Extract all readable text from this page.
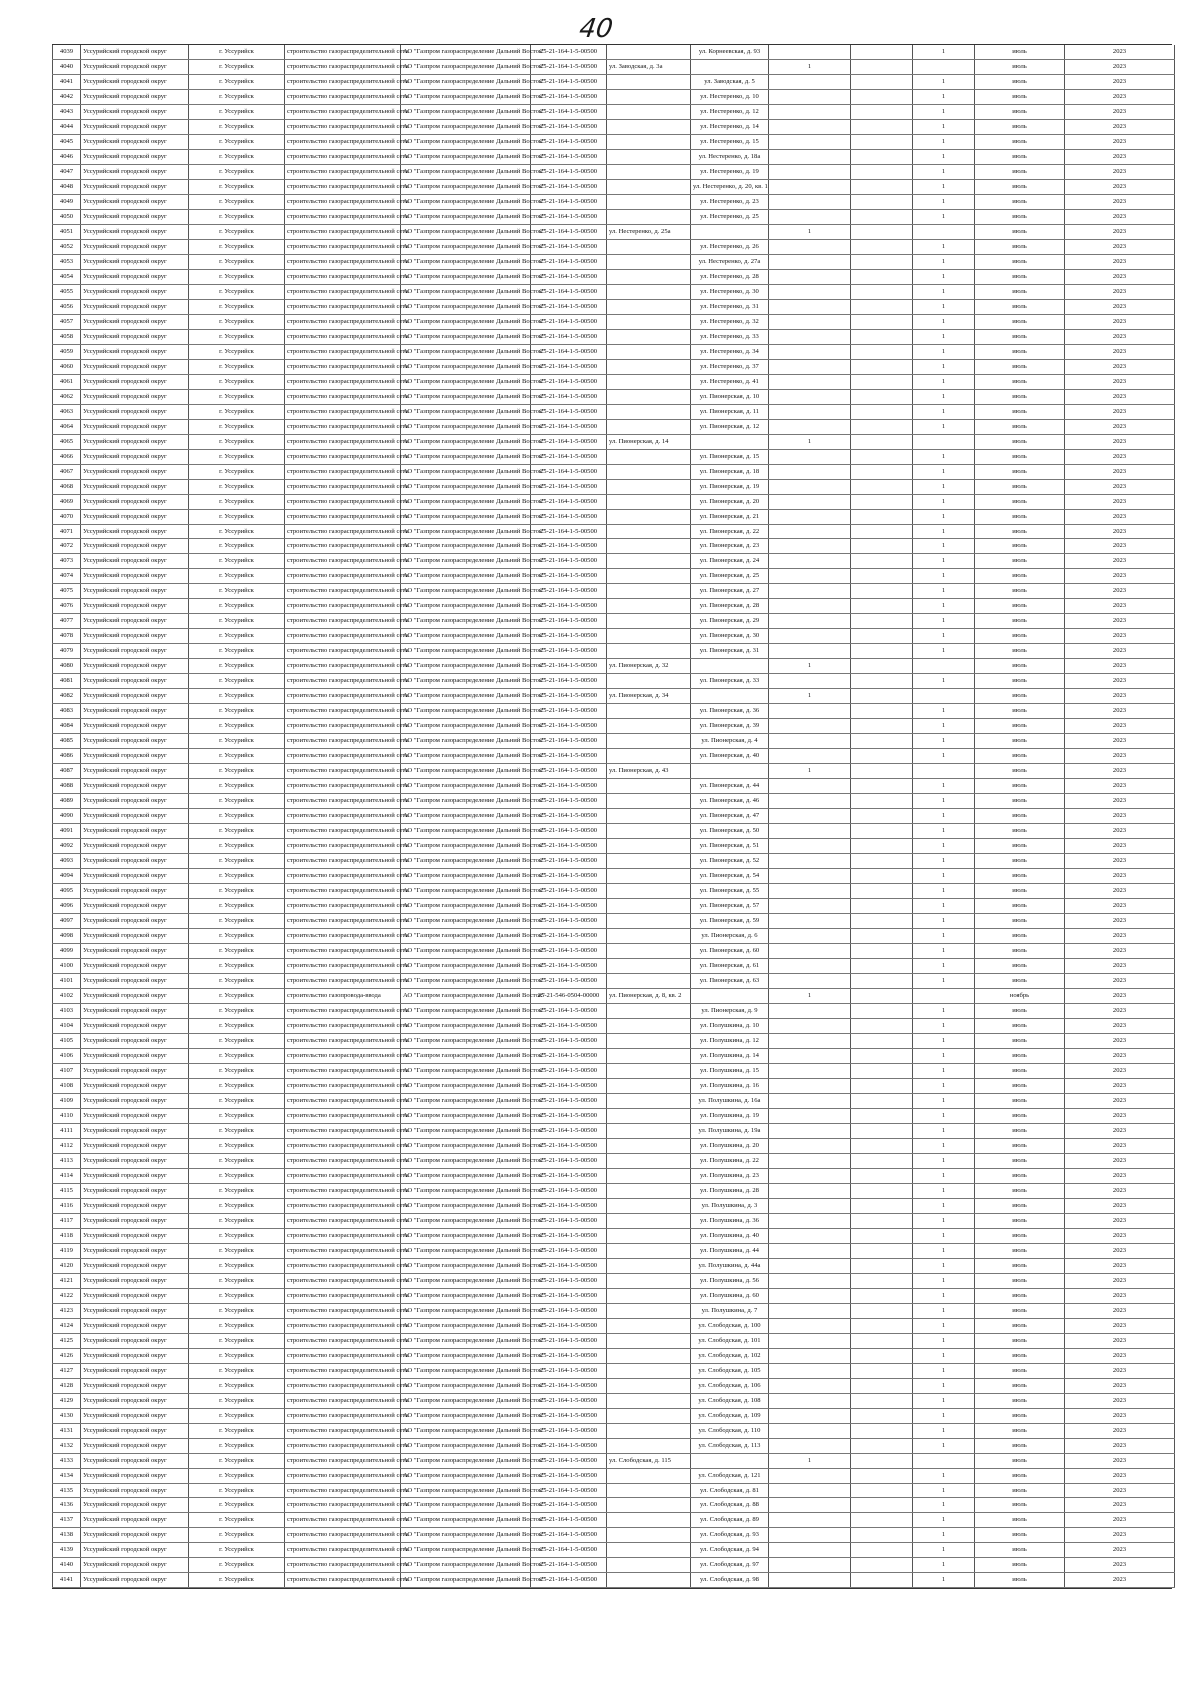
40
4039	Уссурийский городской округ	г. Уссурийск	строительство газораспределительной сети	АО "Газпром газораспределение Дальний Восток"	25-21-164-1-5-00500		ул. Корнеевская, д. 93			1	июль	2023
4040	Уссурийский городской округ	г. Уссурийск	строительство газораспределительной сети	АО "Газпром газораспределение Дальний Восток"	25-21-164-1-5-00500	ул. Заводская, д. 3а		1			июль	2023
4041	Уссурийский городской округ	г. Уссурийск	строительство газораспределительной сети	АО "Газпром газораспределение Дальний Восток"	25-21-164-1-5-00500		ул. Заводская, д. 5			1	июль	2023
4042	Уссурийский городской округ	г. Уссурийск	строительство газораспределительной сети	АО "Газпром газораспределение Дальний Восток"	25-21-164-1-5-00500		ул. Нестеренко, д. 10			1	июль	2023
4043	Уссурийский городской округ	г. Уссурийск	строительство газораспределительной сети	АО "Газпром газораспределение Дальний Восток"	25-21-164-1-5-00500		ул. Нестеренко, д. 12			1	июль	2023
4044	Уссурийский городской округ	г. Уссурийск	строительство газораспределительной сети	АО "Газпром газораспределение Дальний Восток"	25-21-164-1-5-00500		ул. Нестеренко, д. 14			1	июль	2023
4045	Уссурийский городской округ	г. Уссурийск	строительство газораспределительной сети	АО "Газпром газораспределение Дальний Восток"	25-21-164-1-5-00500		ул. Нестеренко, д. 15			1	июль	2023
4046	Уссурийский городской округ	г. Уссурийск	строительство газораспределительной сети	АО "Газпром газораспределение Дальний Восток"	25-21-164-1-5-00500		ул. Нестеренко, д. 18а			1	июль	2023
4047	Уссурийский городской округ	г. Уссурийск	строительство газораспределительной сети	АО "Газпром газораспределение Дальний Восток"	25-21-164-1-5-00500		ул. Нестеренко, д. 19			1	июль	2023
4048	Уссурийский городской округ	г. Уссурийск	строительство газораспределительной сети	АО "Газпром газораспределение Дальний Восток"	25-21-164-1-5-00500		ул. Нестеренко, д. 20, кв. 1			1	июль	2023
4049	Уссурийский городской округ	г. Уссурийск	строительство газораспределительной сети	АО "Газпром газораспределение Дальний Восток"	25-21-164-1-5-00500		ул. Нестеренко, д. 23			1	июль	2023
4050	Уссурийский городской округ	г. Уссурийск	строительство газораспределительной сети	АО "Газпром газораспределение Дальний Восток"	25-21-164-1-5-00500		ул. Нестеренко, д. 25			1	июль	2023
4051	Уссурийский городской округ	г. Уссурийск	строительство газораспределительной сети	АО "Газпром газораспределение Дальний Восток"	25-21-164-1-5-00500	ул. Нестеренко, д. 25а		1			июль	2023
4052	Уссурийский городской округ	г. Уссурийск	строительство газораспределительной сети	АО "Газпром газораспределение Дальний Восток"	25-21-164-1-5-00500		ул. Нестеренко, д. 26			1	июль	2023
4053	Уссурийский городской округ	г. Уссурийск	строительство газораспределительной сети	АО "Газпром газораспределение Дальний Восток"	25-21-164-1-5-00500		ул. Нестеренко, д. 27а			1	июль	2023
4054	Уссурийский городской округ	г. Уссурийск	строительство газораспределительной сети	АО "Газпром газораспределение Дальний Восток"	25-21-164-1-5-00500		ул. Нестеренко, д. 28			1	июль	2023
4055	Уссурийский городской округ	г. Уссурийск	строительство газораспределительной сети	АО "Газпром газораспределение Дальний Восток"	25-21-164-1-5-00500		ул. Нестеренко, д. 30			1	июль	2023
4056	Уссурийский городской округ	г. Уссурийск	строительство газораспределительной сети	АО "Газпром газораспределение Дальний Восток"	25-21-164-1-5-00500		ул. Нестеренко, д. 31			1	июль	2023
4057	Уссурийский городской округ	г. Уссурийск	строительство газораспределительной сети	АО "Газпром газораспределение Дальний Восток"	25-21-164-1-5-00500		ул. Нестеренко, д. 32			1	июль	2023
4058	Уссурийский городской округ	г. Уссурийск	строительство газораспределительной сети	АО "Газпром газораспределение Дальний Восток"	25-21-164-1-5-00500		ул. Нестеренко, д. 33			1	июль	2023
4059	Уссурийский городской округ	г. Уссурийск	строительство газораспределительной сети	АО "Газпром газораспределение Дальний Восток"	25-21-164-1-5-00500		ул. Нестеренко, д. 34			1	июль	2023
4060	Уссурийский городской округ	г. Уссурийск	строительство газораспределительной сети	АО "Газпром газораспределение Дальний Восток"	25-21-164-1-5-00500		ул. Нестеренко, д. 37			1	июль	2023
4061	Уссурийский городской округ	г. Уссурийск	строительство газораспределительной сети	АО "Газпром газораспределение Дальний Восток"	25-21-164-1-5-00500		ул. Нестеренко, д. 41			1	июль	2023
4062	Уссурийский городской округ	г. Уссурийск	строительство газораспределительной сети	АО "Газпром газораспределение Дальний Восток"	25-21-164-1-5-00500		ул. Пионерская, д. 10			1	июль	2023
4063	Уссурийский городской округ	г. Уссурийск	строительство газораспределительной сети	АО "Газпром газораспределение Дальний Восток"	25-21-164-1-5-00500		ул. Пионерская, д. 11			1	июль	2023
4064	Уссурийский городской округ	г. Уссурийск	строительство газораспределительной сети	АО "Газпром газораспределение Дальний Восток"	25-21-164-1-5-00500		ул. Пионерская, д. 12			1	июль	2023
4065	Уссурийский городской округ	г. Уссурийск	строительство газораспределительной сети	АО "Газпром газораспределение Дальний Восток"	25-21-164-1-5-00500	ул. Пионерская, д. 14		1			июль	2023
4066	Уссурийский городской округ	г. Уссурийск	строительство газораспределительной сети	АО "Газпром газораспределение Дальний Восток"	25-21-164-1-5-00500		ул. Пионерская, д. 15			1	июль	2023
4067	Уссурийский городской округ	г. Уссурийск	строительство газораспределительной сети	АО "Газпром газораспределение Дальний Восток"	25-21-164-1-5-00500		ул. Пионерская, д. 18			1	июль	2023
4068	Уссурийский городской округ	г. Уссурийск	строительство газораспределительной сети	АО "Газпром газораспределение Дальний Восток"	25-21-164-1-5-00500		ул. Пионерская, д. 19			1	июль	2023
4069	Уссурийский городской округ	г. Уссурийск	строительство газораспределительной сети	АО "Газпром газораспределение Дальний Восток"	25-21-164-1-5-00500		ул. Пионерская, д. 20			1	июль	2023
4070	Уссурийский городской округ	г. Уссурийск	строительство газораспределительной сети	АО "Газпром газораспределение Дальний Восток"	25-21-164-1-5-00500		ул. Пионерская, д. 21			1	июль	2023
4071	Уссурийский городской округ	г. Уссурийск	строительство газораспределительной сети	АО "Газпром газораспределение Дальний Восток"	25-21-164-1-5-00500		ул. Пионерская, д. 22			1	июль	2023
4072	Уссурийский городской округ	г. Уссурийск	строительство газораспределительной сети	АО "Газпром газораспределение Дальний Восток"	25-21-164-1-5-00500		ул. Пионерская, д. 23			1	июль	2023
4073	Уссурийский городской округ	г. Уссурийск	строительство газораспределительной сети	АО "Газпром газораспределение Дальний Восток"	25-21-164-1-5-00500		ул. Пионерская, д. 24			1	июль	2023
4074	Уссурийский городской округ	г. Уссурийск	строительство газораспределительной сети	АО "Газпром газораспределение Дальний Восток"	25-21-164-1-5-00500		ул. Пионерская, д. 25			1	июль	2023
4075	Уссурийский городской округ	г. Уссурийск	строительство газораспределительной сети	АО "Газпром газораспределение Дальний Восток"	25-21-164-1-5-00500		ул. Пионерская, д. 27			1	июль	2023
4076	Уссурийский городской округ	г. Уссурийск	строительство газораспределительной сети	АО "Газпром газораспределение Дальний Восток"	25-21-164-1-5-00500		ул. Пионерская, д. 28			1	июль	2023
4077	Уссурийский городской округ	г. Уссурийск	строительство газораспределительной сети	АО "Газпром газораспределение Дальний Восток"	25-21-164-1-5-00500		ул. Пионерская, д. 29			1	июль	2023
4078	Уссурийский городской округ	г. Уссурийск	строительство газораспределительной сети	АО "Газпром газораспределение Дальний Восток"	25-21-164-1-5-00500		ул. Пионерская, д. 30			1	июль	2023
4079	Уссурийский городской округ	г. Уссурийск	строительство газораспределительной сети	АО "Газпром газораспределение Дальний Восток"	25-21-164-1-5-00500		ул. Пионерская, д. 31			1	июль	2023
4080	Уссурийский городской округ	г. Уссурийск	строительство газораспределительной сети	АО "Газпром газораспределение Дальний Восток"	25-21-164-1-5-00500	ул. Пионерская, д. 32		1			июль	2023
4081	Уссурийский городской округ	г. Уссурийск	строительство газораспределительной сети	АО "Газпром газораспределение Дальний Восток"	25-21-164-1-5-00500		ул. Пионерская, д. 33			1	июль	2023
4082	Уссурийский городской округ	г. Уссурийск	строительство газораспределительной сети	АО "Газпром газораспределение Дальний Восток"	25-21-164-1-5-00500	ул. Пионерская, д. 34		1			июль	2023
4083	Уссурийский городской округ	г. Уссурийск	строительство газораспределительной сети	АО "Газпром газораспределение Дальний Восток"	25-21-164-1-5-00500		ул. Пионерская, д. 36			1	июль	2023
4084	Уссурийский городской округ	г. Уссурийск	строительство газораспределительной сети	АО "Газпром газораспределение Дальний Восток"	25-21-164-1-5-00500		ул. Пионерская, д. 39			1	июль	2023
4085	Уссурийский городской округ	г. Уссурийск	строительство газораспределительной сети	АО "Газпром газораспределение Дальний Восток"	25-21-164-1-5-00500		ул. Пионерская, д. 4			1	июль	2023
4086	Уссурийский городской округ	г. Уссурийск	строительство газораспределительной сети	АО "Газпром газораспределение Дальний Восток"	25-21-164-1-5-00500		ул. Пионерская, д. 40			1	июль	2023
4087	Уссурийский городской округ	г. Уссурийск	строительство газораспределительной сети	АО "Газпром газораспределение Дальний Восток"	25-21-164-1-5-00500	ул. Пионерская, д. 43		1			июль	2023
4088	Уссурийский городской округ	г. Уссурийск	строительство газораспределительной сети	АО "Газпром газораспределение Дальний Восток"	25-21-164-1-5-00500		ул. Пионерская, д. 44			1	июль	2023
4089	Уссурийский городской округ	г. Уссурийск	строительство газораспределительной сети	АО "Газпром газораспределение Дальний Восток"	25-21-164-1-5-00500		ул. Пионерская, д. 46			1	июль	2023
4090	Уссурийский городской округ	г. Уссурийск	строительство газораспределительной сети	АО "Газпром газораспределение Дальний Восток"	25-21-164-1-5-00500		ул. Пионерская, д. 47			1	июль	2023
4091	Уссурийский городской округ	г. Уссурийск	строительство газораспределительной сети	АО "Газпром газораспределение Дальний Восток"	25-21-164-1-5-00500		ул. Пионерская, д. 50			1	июль	2023
4092	Уссурийский городской округ	г. Уссурийск	строительство газораспределительной сети	АО "Газпром газораспределение Дальний Восток"	25-21-164-1-5-00500		ул. Пионерская, д. 51			1	июль	2023
4093	Уссурийский городской округ	г. Уссурийск	строительство газораспределительной сети	АО "Газпром газораспределение Дальний Восток"	25-21-164-1-5-00500		ул. Пионерская, д. 52			1	июль	2023
4094	Уссурийский городской округ	г. Уссурийск	строительство газораспределительной сети	АО "Газпром газораспределение Дальний Восток"	25-21-164-1-5-00500		ул. Пионерская, д. 54			1	июль	2023
4095	Уссурийский городской округ	г. Уссурийск	строительство газораспределительной сети	АО "Газпром газораспределение Дальний Восток"	25-21-164-1-5-00500		ул. Пионерская, д. 55			1	июль	2023
4096	Уссурийский городской округ	г. Уссурийск	строительство газораспределительной сети	АО "Газпром газораспределение Дальний Восток"	25-21-164-1-5-00500		ул. Пионерская, д. 57			1	июль	2023
4097	Уссурийский городской округ	г. Уссурийск	строительство газораспределительной сети	АО "Газпром газораспределение Дальний Восток"	25-21-164-1-5-00500		ул. Пионерская, д. 59			1	июль	2023
4098	Уссурийский городской округ	г. Уссурийск	строительство газораспределительной сети	АО "Газпром газораспределение Дальний Восток"	25-21-164-1-5-00500		ул. Пионерская, д. 6			1	июль	2023
4099	Уссурийский городской округ	г. Уссурийск	строительство газораспределительной сети	АО "Газпром газораспределение Дальний Восток"	25-21-164-1-5-00500		ул. Пионерская, д. 60			1	июль	2023
4100	Уссурийский городской округ	г. Уссурийск	строительство газораспределительной сети	АО "Газпром газораспределение Дальний Восток"	25-21-164-1-5-00500		ул. Пионерская, д. 61			1	июль	2023
4101	Уссурийский городской округ	г. Уссурийск	строительство газораспределительной сети	АО "Газпром газораспределение Дальний Восток"	25-21-164-1-5-00500		ул. Пионерская, д. 63			1	июль	2023
4102	Уссурийский городской округ	г. Уссурийск	строительство газопровода-ввода	АО "Газпром газораспределение Дальний Восток"	25-21-546-0504-00000	ул. Пионерская, д. 8, кв. 2		1			ноябрь	2023
4103	Уссурийский городской округ	г. Уссурийск	строительство газораспределительной сети	АО "Газпром газораспределение Дальний Восток"	25-21-164-1-5-00500		ул. Пионерская, д. 9			1	июль	2023
4104	Уссурийский городской округ	г. Уссурийск	строительство газораспределительной сети	АО "Газпром газораспределение Дальний Восток"	25-21-164-1-5-00500		ул. Полушкина, д. 10			1	июль	2023
4105	Уссурийский городской округ	г. Уссурийск	строительство газораспределительной сети	АО "Газпром газораспределение Дальний Восток"	25-21-164-1-5-00500		ул. Полушкина, д. 12			1	июль	2023
4106	Уссурийский городской округ	г. Уссурийск	строительство газораспределительной сети	АО "Газпром газораспределение Дальний Восток"	25-21-164-1-5-00500		ул. Полушкина, д. 14			1	июль	2023
4107	Уссурийский городской округ	г. Уссурийск	строительство газораспределительной сети	АО "Газпром газораспределение Дальний Восток"	25-21-164-1-5-00500		ул. Полушкина, д. 15			1	июль	2023
4108	Уссурийский городской округ	г. Уссурийск	строительство газораспределительной сети	АО "Газпром газораспределение Дальний Восток"	25-21-164-1-5-00500		ул. Полушкина, д. 16			1	июль	2023
4109	Уссурийский городской округ	г. Уссурийск	строительство газораспределительной сети	АО "Газпром газораспределение Дальний Восток"	25-21-164-1-5-00500		ул. Полушкина, д. 16а			1	июль	2023
4110	Уссурийский городской округ	г. Уссурийск	строительство газораспределительной сети	АО "Газпром газораспределение Дальний Восток"	25-21-164-1-5-00500		ул. Полушкина, д. 19			1	июль	2023
4111	Уссурийский городской округ	г. Уссурийск	строительство газораспределительной сети	АО "Газпром газораспределение Дальний Восток"	25-21-164-1-5-00500		ул. Полушкина, д. 19а			1	июль	2023
4112	Уссурийский городской округ	г. Уссурийск	строительство газораспределительной сети	АО "Газпром газораспределение Дальний Восток"	25-21-164-1-5-00500		ул. Полушкина, д. 20			1	июль	2023
4113	Уссурийский городской округ	г. Уссурийск	строительство газораспределительной сети	АО "Газпром газораспределение Дальний Восток"	25-21-164-1-5-00500		ул. Полушкина, д. 22			1	июль	2023
4114	Уссурийский городской округ	г. Уссурийск	строительство газораспределительной сети	АО "Газпром газораспределение Дальний Восток"	25-21-164-1-5-00500		ул. Полушкина, д. 23			1	июль	2023
4115	Уссурийский городской округ	г. Уссурийск	строительство газораспределительной сети	АО "Газпром газораспределение Дальний Восток"	25-21-164-1-5-00500		ул. Полушкина, д. 28			1	июль	2023
4116	Уссурийский городской округ	г. Уссурийск	строительство газораспределительной сети	АО "Газпром газораспределение Дальний Восток"	25-21-164-1-5-00500		ул. Полушкина, д. 3			1	июль	2023
4117	Уссурийский городской округ	г. Уссурийск	строительство газораспределительной сети	АО "Газпром газораспределение Дальний Восток"	25-21-164-1-5-00500		ул. Полушкина, д. 36			1	июль	2023
4118	Уссурийский городской округ	г. Уссурийск	строительство газораспределительной сети	АО "Газпром газораспределение Дальний Восток"	25-21-164-1-5-00500		ул. Полушкина, д. 40			1	июль	2023
4119	Уссурийский городской округ	г. Уссурийск	строительство газораспределительной сети	АО "Газпром газораспределение Дальний Восток"	25-21-164-1-5-00500		ул. Полушкина, д. 44			1	июль	2023
4120	Уссурийский городской округ	г. Уссурийск	строительство газораспределительной сети	АО "Газпром газораспределение Дальний Восток"	25-21-164-1-5-00500		ул. Полушкина, д. 44а			1	июль	2023
4121	Уссурийский городской округ	г. Уссурийск	строительство газораспределительной сети	АО "Газпром газораспределение Дальний Восток"	25-21-164-1-5-00500		ул. Полушкина, д. 56			1	июль	2023
4122	Уссурийский городской округ	г. Уссурийск	строительство газораспределительной сети	АО "Газпром газораспределение Дальний Восток"	25-21-164-1-5-00500		ул. Полушкина, д. 60			1	июль	2023
4123	Уссурийский городской округ	г. Уссурийск	строительство газораспределительной сети	АО "Газпром газораспределение Дальний Восток"	25-21-164-1-5-00500		ул. Полушкина, д. 7			1	июль	2023
4124	Уссурийский городской округ	г. Уссурийск	строительство газораспределительной сети	АО "Газпром газораспределение Дальний Восток"	25-21-164-1-5-00500		ул. Слободская, д. 100			1	июль	2023
4125	Уссурийский городской округ	г. Уссурийск	строительство газораспределительной сети	АО "Газпром газораспределение Дальний Восток"	25-21-164-1-5-00500		ул. Слободская, д. 101			1	июль	2023
4126	Уссурийский городской округ	г. Уссурийск	строительство газораспределительной сети	АО "Газпром газораспределение Дальний Восток"	25-21-164-1-5-00500		ул. Слободская, д. 102			1	июль	2023
4127	Уссурийский городской округ	г. Уссурийск	строительство газораспределительной сети	АО "Газпром газораспределение Дальний Восток"	25-21-164-1-5-00500		ул. Слободская, д. 105			1	июль	2023
4128	Уссурийский городской округ	г. Уссурийск	строительство газораспределительной сети	АО "Газпром газораспределение Дальний Восток"	25-21-164-1-5-00500		ул. Слободская, д. 106			1	июль	2023
4129	Уссурийский городской округ	г. Уссурийск	строительство газораспределительной сети	АО "Газпром газораспределение Дальний Восток"	25-21-164-1-5-00500		ул. Слободская, д. 108			1	июль	2023
4130	Уссурийский городской округ	г. Уссурийск	строительство газораспределительной сети	АО "Газпром газораспределение Дальний Восток"	25-21-164-1-5-00500		ул. Слободская, д. 109			1	июль	2023
4131	Уссурийский городской округ	г. Уссурийск	строительство газораспределительной сети	АО "Газпром газораспределение Дальний Восток"	25-21-164-1-5-00500		ул. Слободская, д. 110			1	июль	2023
4132	Уссурийский городской округ	г. Уссурийск	строительство газораспределительной сети	АО "Газпром газораспределение Дальний Восток"	25-21-164-1-5-00500		ул. Слободская, д. 113			1	июль	2023
4133	Уссурийский городской округ	г. Уссурийск	строительство газораспределительной сети	АО "Газпром газораспределение Дальний Восток"	25-21-164-1-5-00500	ул. Слободская, д. 115		1			июль	2023
4134	Уссурийский городской округ	г. Уссурийск	строительство газораспределительной сети	АО "Газпром газораспределение Дальний Восток"	25-21-164-1-5-00500		ул. Слободская, д. 121			1	июль	2023
4135	Уссурийский городской округ	г. Уссурийск	строительство газораспределительной сети	АО "Газпром газораспределение Дальний Восток"	25-21-164-1-5-00500		ул. Слободская, д. 81			1	июль	2023
4136	Уссурийский городской округ	г. Уссурийск	строительство газораспределительной сети	АО "Газпром газораспределение Дальний Восток"	25-21-164-1-5-00500		ул. Слободская, д. 88			1	июль	2023
4137	Уссурийский городской округ	г. Уссурийск	строительство газораспределительной сети	АО "Газпром газораспределение Дальний Восток"	25-21-164-1-5-00500		ул. Слободская, д. 89			1	июль	2023
4138	Уссурийский городской округ	г. Уссурийск	строительство газораспределительной сети	АО "Газпром газораспределение Дальний Восток"	25-21-164-1-5-00500		ул. Слободская, д. 93			1	июль	2023
4139	Уссурийский городской округ	г. Уссурийск	строительство газораспределительной сети	АО "Газпром газораспределение Дальний Восток"	25-21-164-1-5-00500		ул. Слободская, д. 94			1	июль	2023
4140	Уссурийский городской округ	г. Уссурийск	строительство газораспределительной сети	АО "Газпром газораспределение Дальний Восток"	25-21-164-1-5-00500		ул. Слободская, д. 97			1	июль	2023
4141	Уссурийский городской округ	г. Уссурийск	строительство газораспределительной сети	АО "Газпром газораспределение Дальний Восток"	25-21-164-1-5-00500		ул. Слободская, д. 98			1	июль	2023
